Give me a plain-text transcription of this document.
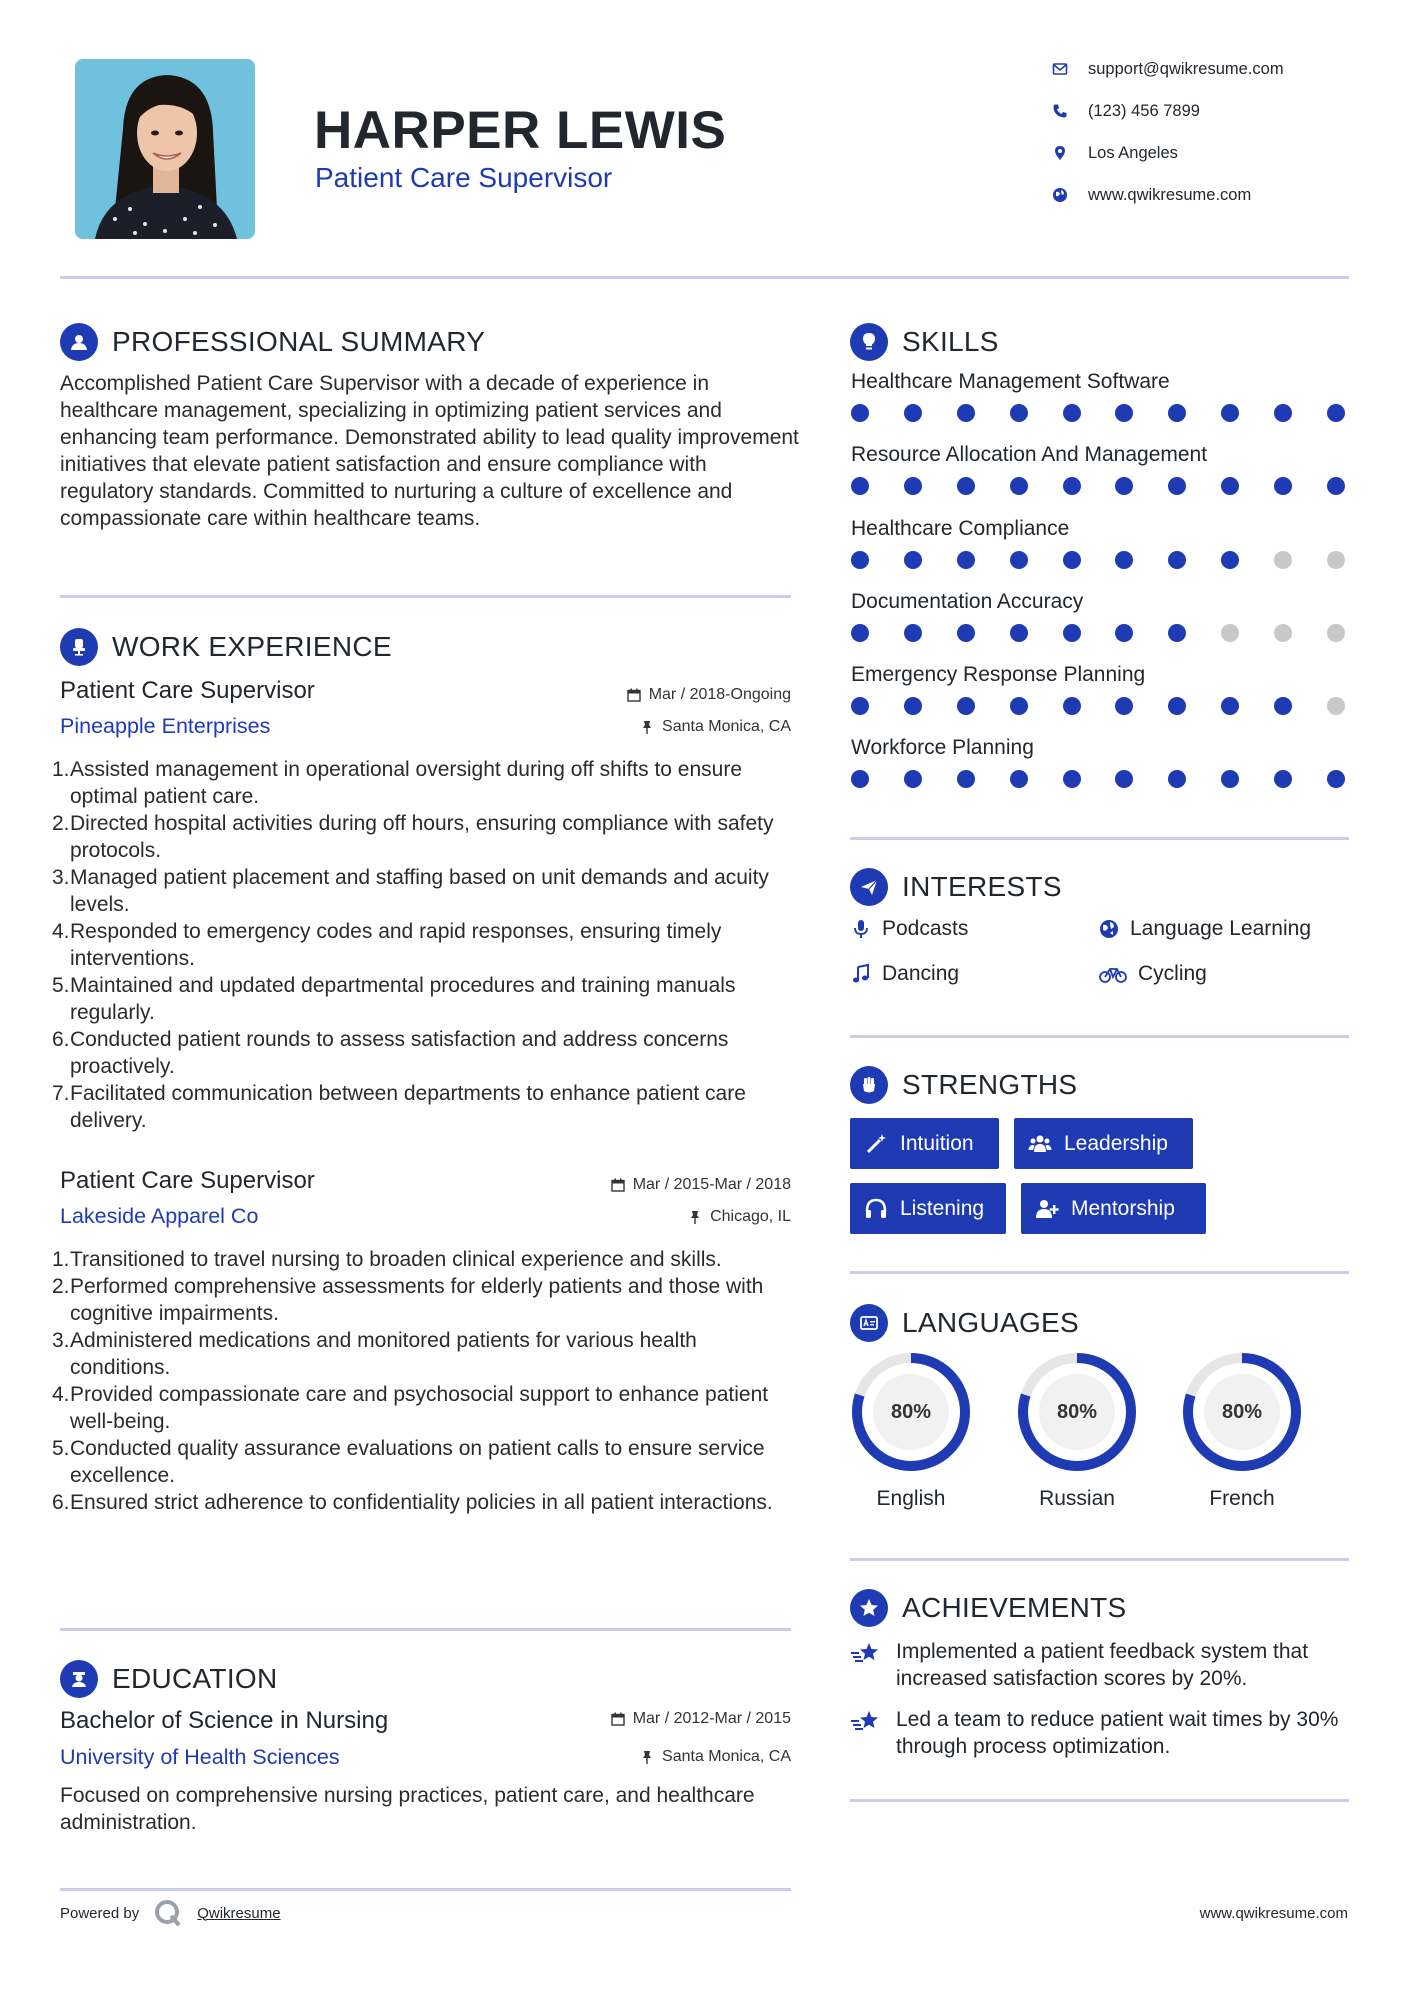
HARPER LEWIS
Patient Care Supervisor
support@qwikresume.com
(123) 456 7899
Los Angeles
www.qwikresume.com
PROFESSIONAL SUMMARY
Accomplished Patient Care Supervisor with a decade of experience in healthcare management, specializing in optimizing patient services and enhancing team performance. Demonstrated ability to lead quality improvement initiatives that elevate patient satisfaction and ensure compliance with regulatory standards. Committed to nurturing a culture of excellence and compassionate care within healthcare teams.
WORK EXPERIENCE
Patient Care Supervisor	Mar / 2018-Ongoing
Pineapple Enterprises	Santa Monica, CA
1.Assisted management in operational oversight during off shifts to ensure optimal patient care.
2.Directed hospital activities during off hours, ensuring compliance with safety protocols.
3.Managed patient placement and staffing based on unit demands and acuity levels.
4.Responded to emergency codes and rapid responses, ensuring timely interventions.
5.Maintained and updated departmental procedures and training manuals regularly.
6.Conducted patient rounds to assess satisfaction and address concerns proactively.
7.Facilitated communication between departments to enhance patient care delivery.
Patient Care Supervisor	Mar / 2015-Mar / 2018
Lakeside Apparel Co	Chicago, IL
1.Transitioned to travel nursing to broaden clinical experience and skills.
2.Performed comprehensive assessments for elderly patients and those with cognitive impairments.
3.Administered medications and monitored patients for various health conditions.
4.Provided compassionate care and psychosocial support to enhance patient well-being.
5.Conducted quality assurance evaluations on patient calls to ensure service excellence.
6.Ensured strict adherence to confidentiality policies in all patient interactions.
EDUCATION
Bachelor of Science in Nursing	Mar / 2012-Mar / 2015
University of Health Sciences	Santa Monica, CA
Focused on comprehensive nursing practices, patient care, and healthcare administration.
SKILLS
Healthcare Management Software
Resource Allocation And Management
Healthcare Compliance
Documentation Accuracy
Emergency Response Planning
Workforce Planning
INTERESTS
Podcasts	Language Learning
Dancing	Cycling
STRENGTHS
Intuition	Leadership
Listening	Mentorship
LANGUAGES
80%
English
80%
Russian
80%
French
ACHIEVEMENTS
Implemented a patient feedback system that increased satisfaction scores by 20%.
Led a team to reduce patient wait times by 30% through process optimization.
Powered by	Qwikresume	www.qwikresume.com
